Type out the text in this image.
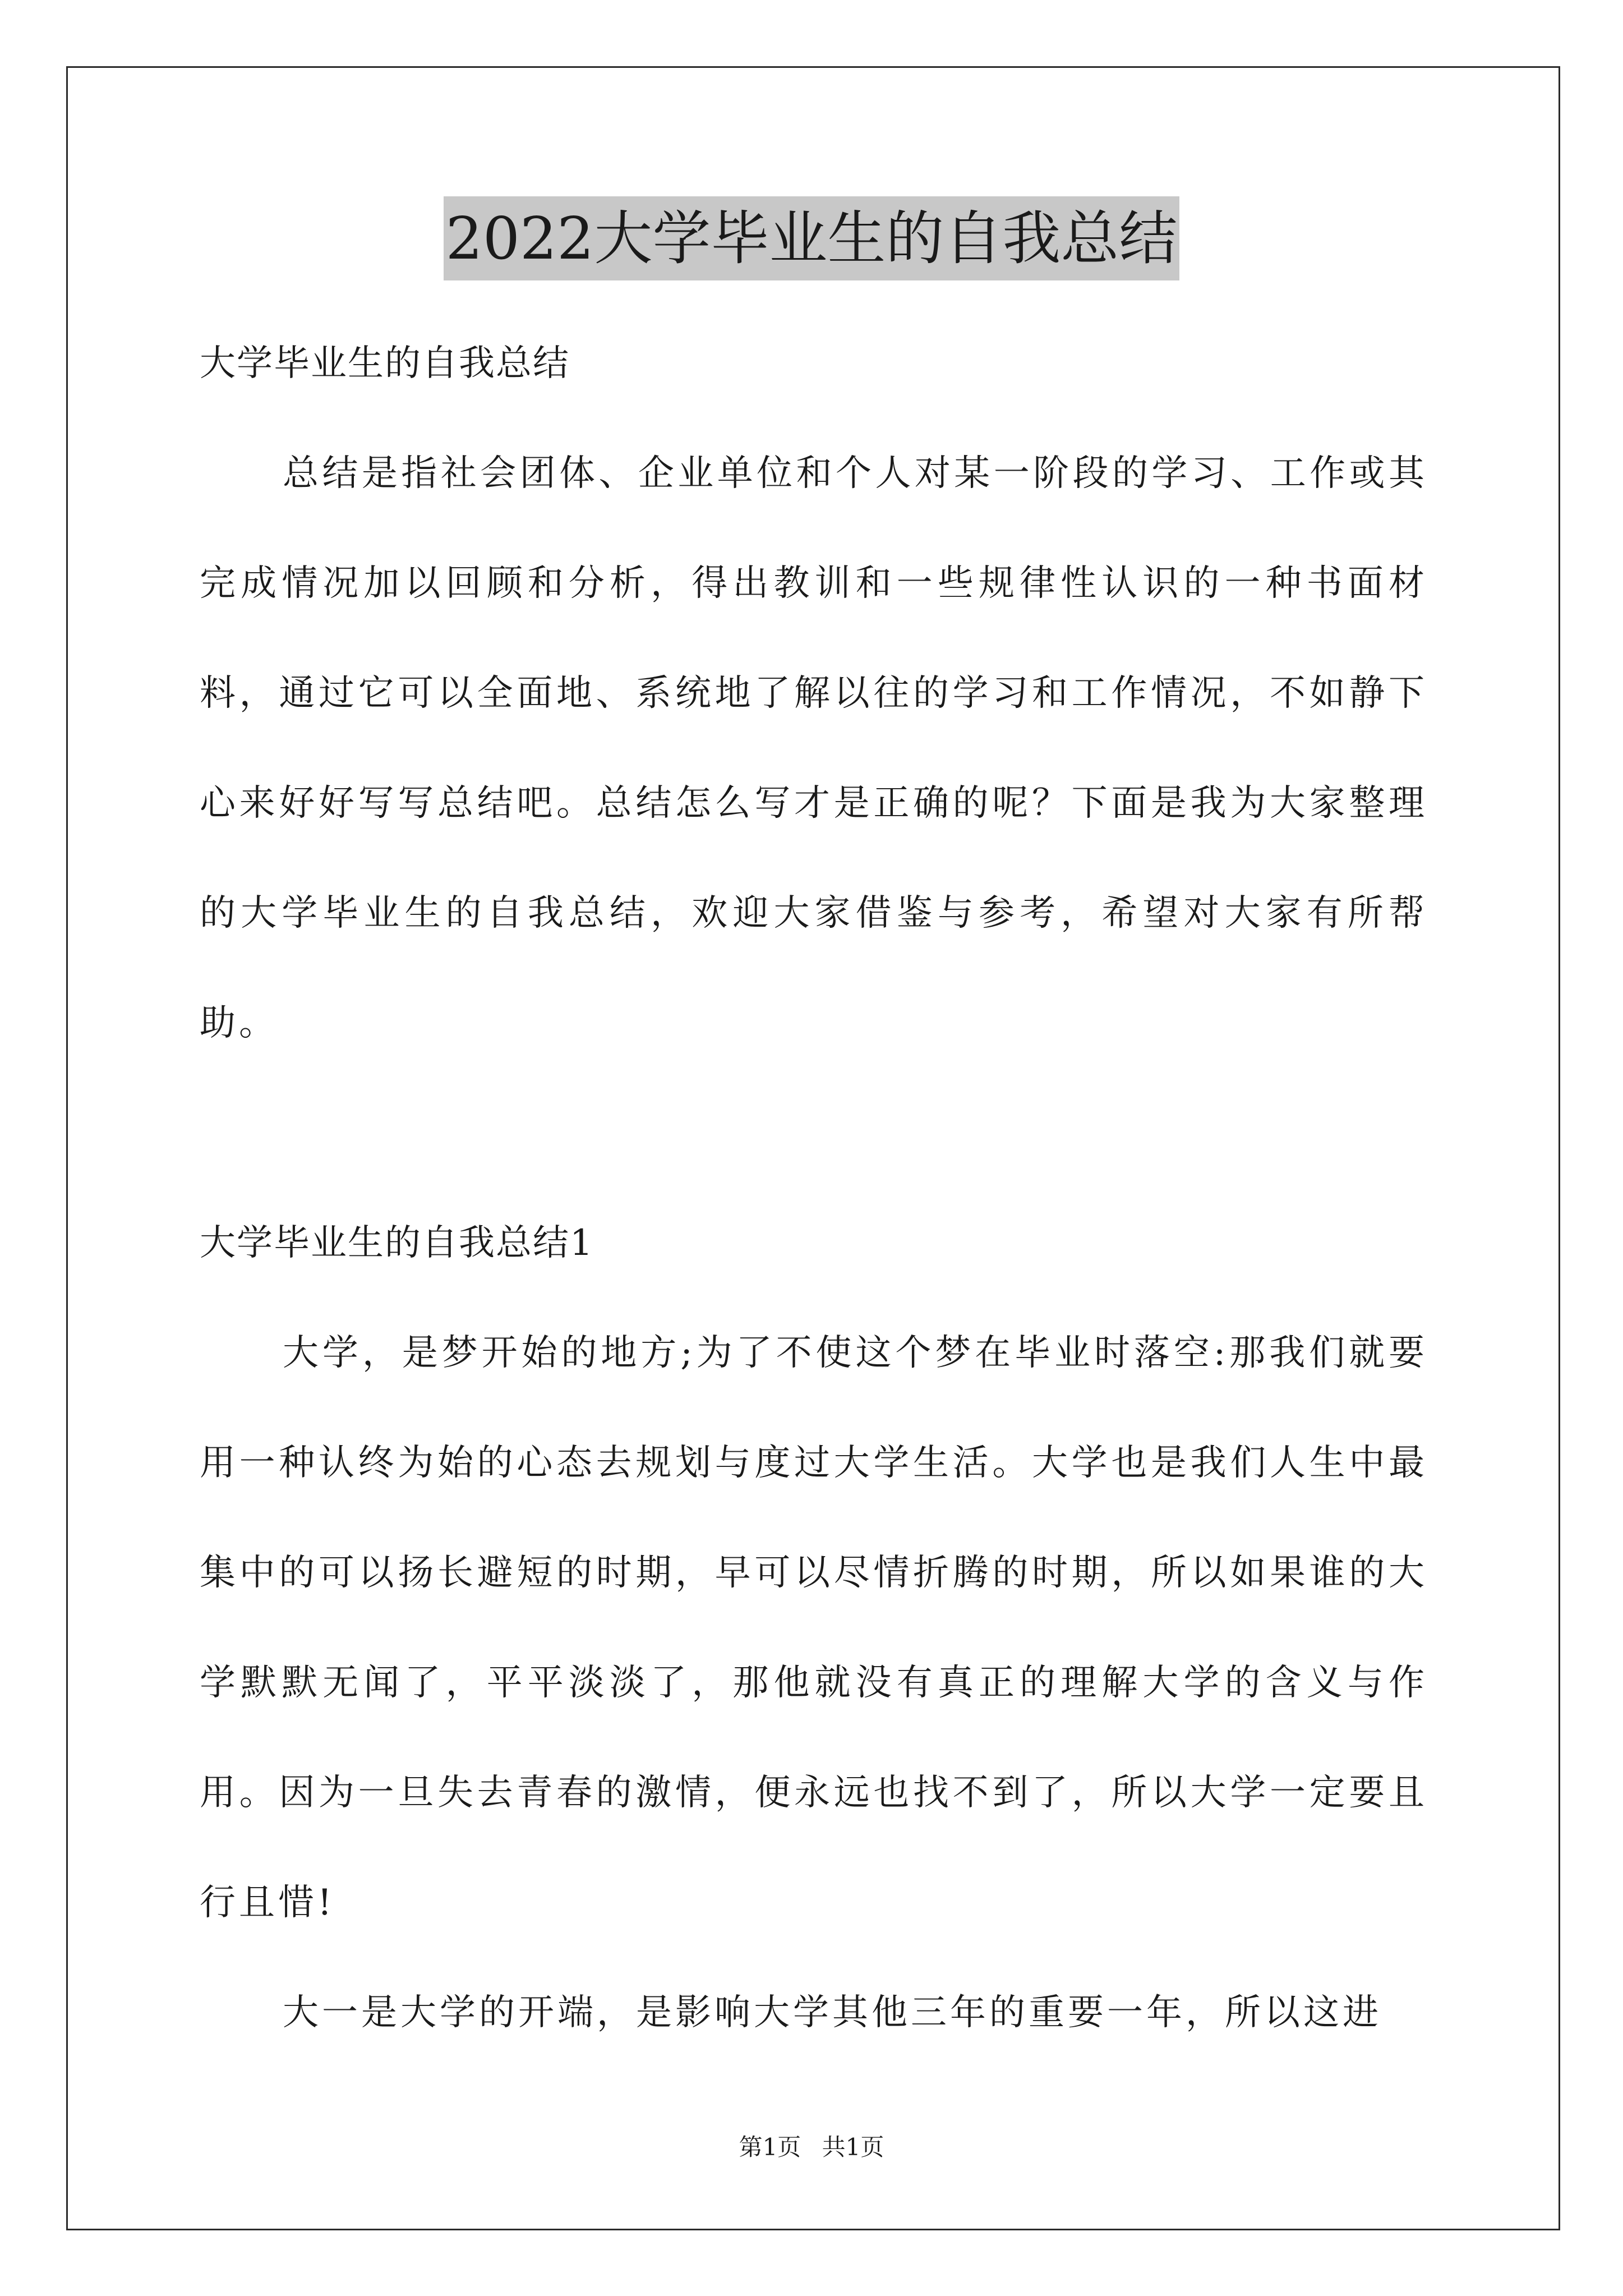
2022大学毕业生的自我总结

大学毕业生的自我总结

总结是指社会团体、企业单位和个人对某一阶段的学习、工作或其完成情况加以回顾和分析，得出教训和一些规律性认识的一种书面材料，通过它可以全面地、系统地了解以往的学习和工作情况，不如静下心来好好写写总结吧。总结怎么写才是正确的呢？下面是我为大家整理的大学毕业生的自我总结，欢迎大家借鉴与参考，希望对大家有所帮助。

大学毕业生的自我总结1

大学，是梦开始的地方;为了不使这个梦在毕业时落空:那我们就要用一种认终为始的心态去规划与度过大学生活。大学也是我们人生中最集中的可以扬长避短的时期，早可以尽情折腾的时期，所以如果谁的大学默默无闻了，平平淡淡了，那他就没有真正的理解大学的含义与作用。因为一旦失去青春的激情，便永远也找不到了，所以大学一定要且行且惜!

大一是大学的开端，是影响大学其他三年的重要一年，所以这进

第1页 共1页
